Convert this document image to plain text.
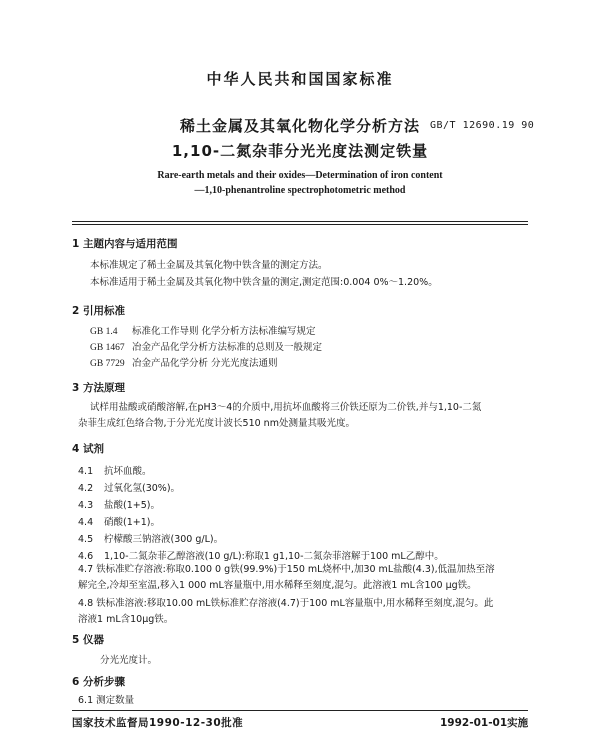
中华人民共和国国家标准
稀土金属及其氧化物化学分析方法
1,10-二氮杂菲分光光度法测定铁量
GB/T 12690.19 90
Rare-earth metals and their oxides—Determination of iron content
—1,10-phenantroline spectrophotometric method
1 主题内容与适用范围
本标准规定了稀土金属及其氧化物中铁含量的测定方法。
本标准适用于稀土金属及其氧化物中铁含量的测定,测定范围:0.004 0%～1.20%。
2 引用标准
GB 1.4 标准化工作导则 化学分析方法标准编写规定
GB 1467 冶金产品化学分析方法标准的总则及一般规定
GB 7729 冶金产品化学分析 分光光度法通则
3 方法原理
试样用盐酸或硝酸溶解,在pH3～4的介质中,用抗坏血酸将三价铁还原为二价铁,并与1,10-二氮
杂菲生成红色络合物,于分光光度计波长510 nm处测量其吸光度。
4 试剂
4.1 抗坏血酸。
4.2 过氧化氢(30%)。
4.3 盐酸(1+5)。
4.4 硝酸(1+1)。
4.5 柠檬酸三钠溶液(300 g/L)。
4.6 1,10-二氮杂菲乙醇溶液(10 g/L):称取1 g1,10-二氮杂菲溶解于100 mL乙醇中。
4.7 铁标准贮存溶液:称取0.100 0 g铁(99.9%)于150 mL烧杯中,加30 mL盐酸(4.3),低温加热至溶
解完全,冷却至室温,移入1 000 mL容量瓶中,用水稀释至刻度,混匀。此溶液1 mL含100 μg铁。
4.8 铁标准溶液:移取10.00 mL铁标准贮存溶液(4.7)于100 mL容量瓶中,用水稀释至刻度,混匀。此
溶液1 mL含10μg铁。
5 仪器
分光光度计。
6 分析步骤
6.1 测定数量
国家技术监督局1990-12-30批准	1992-01-01实施
